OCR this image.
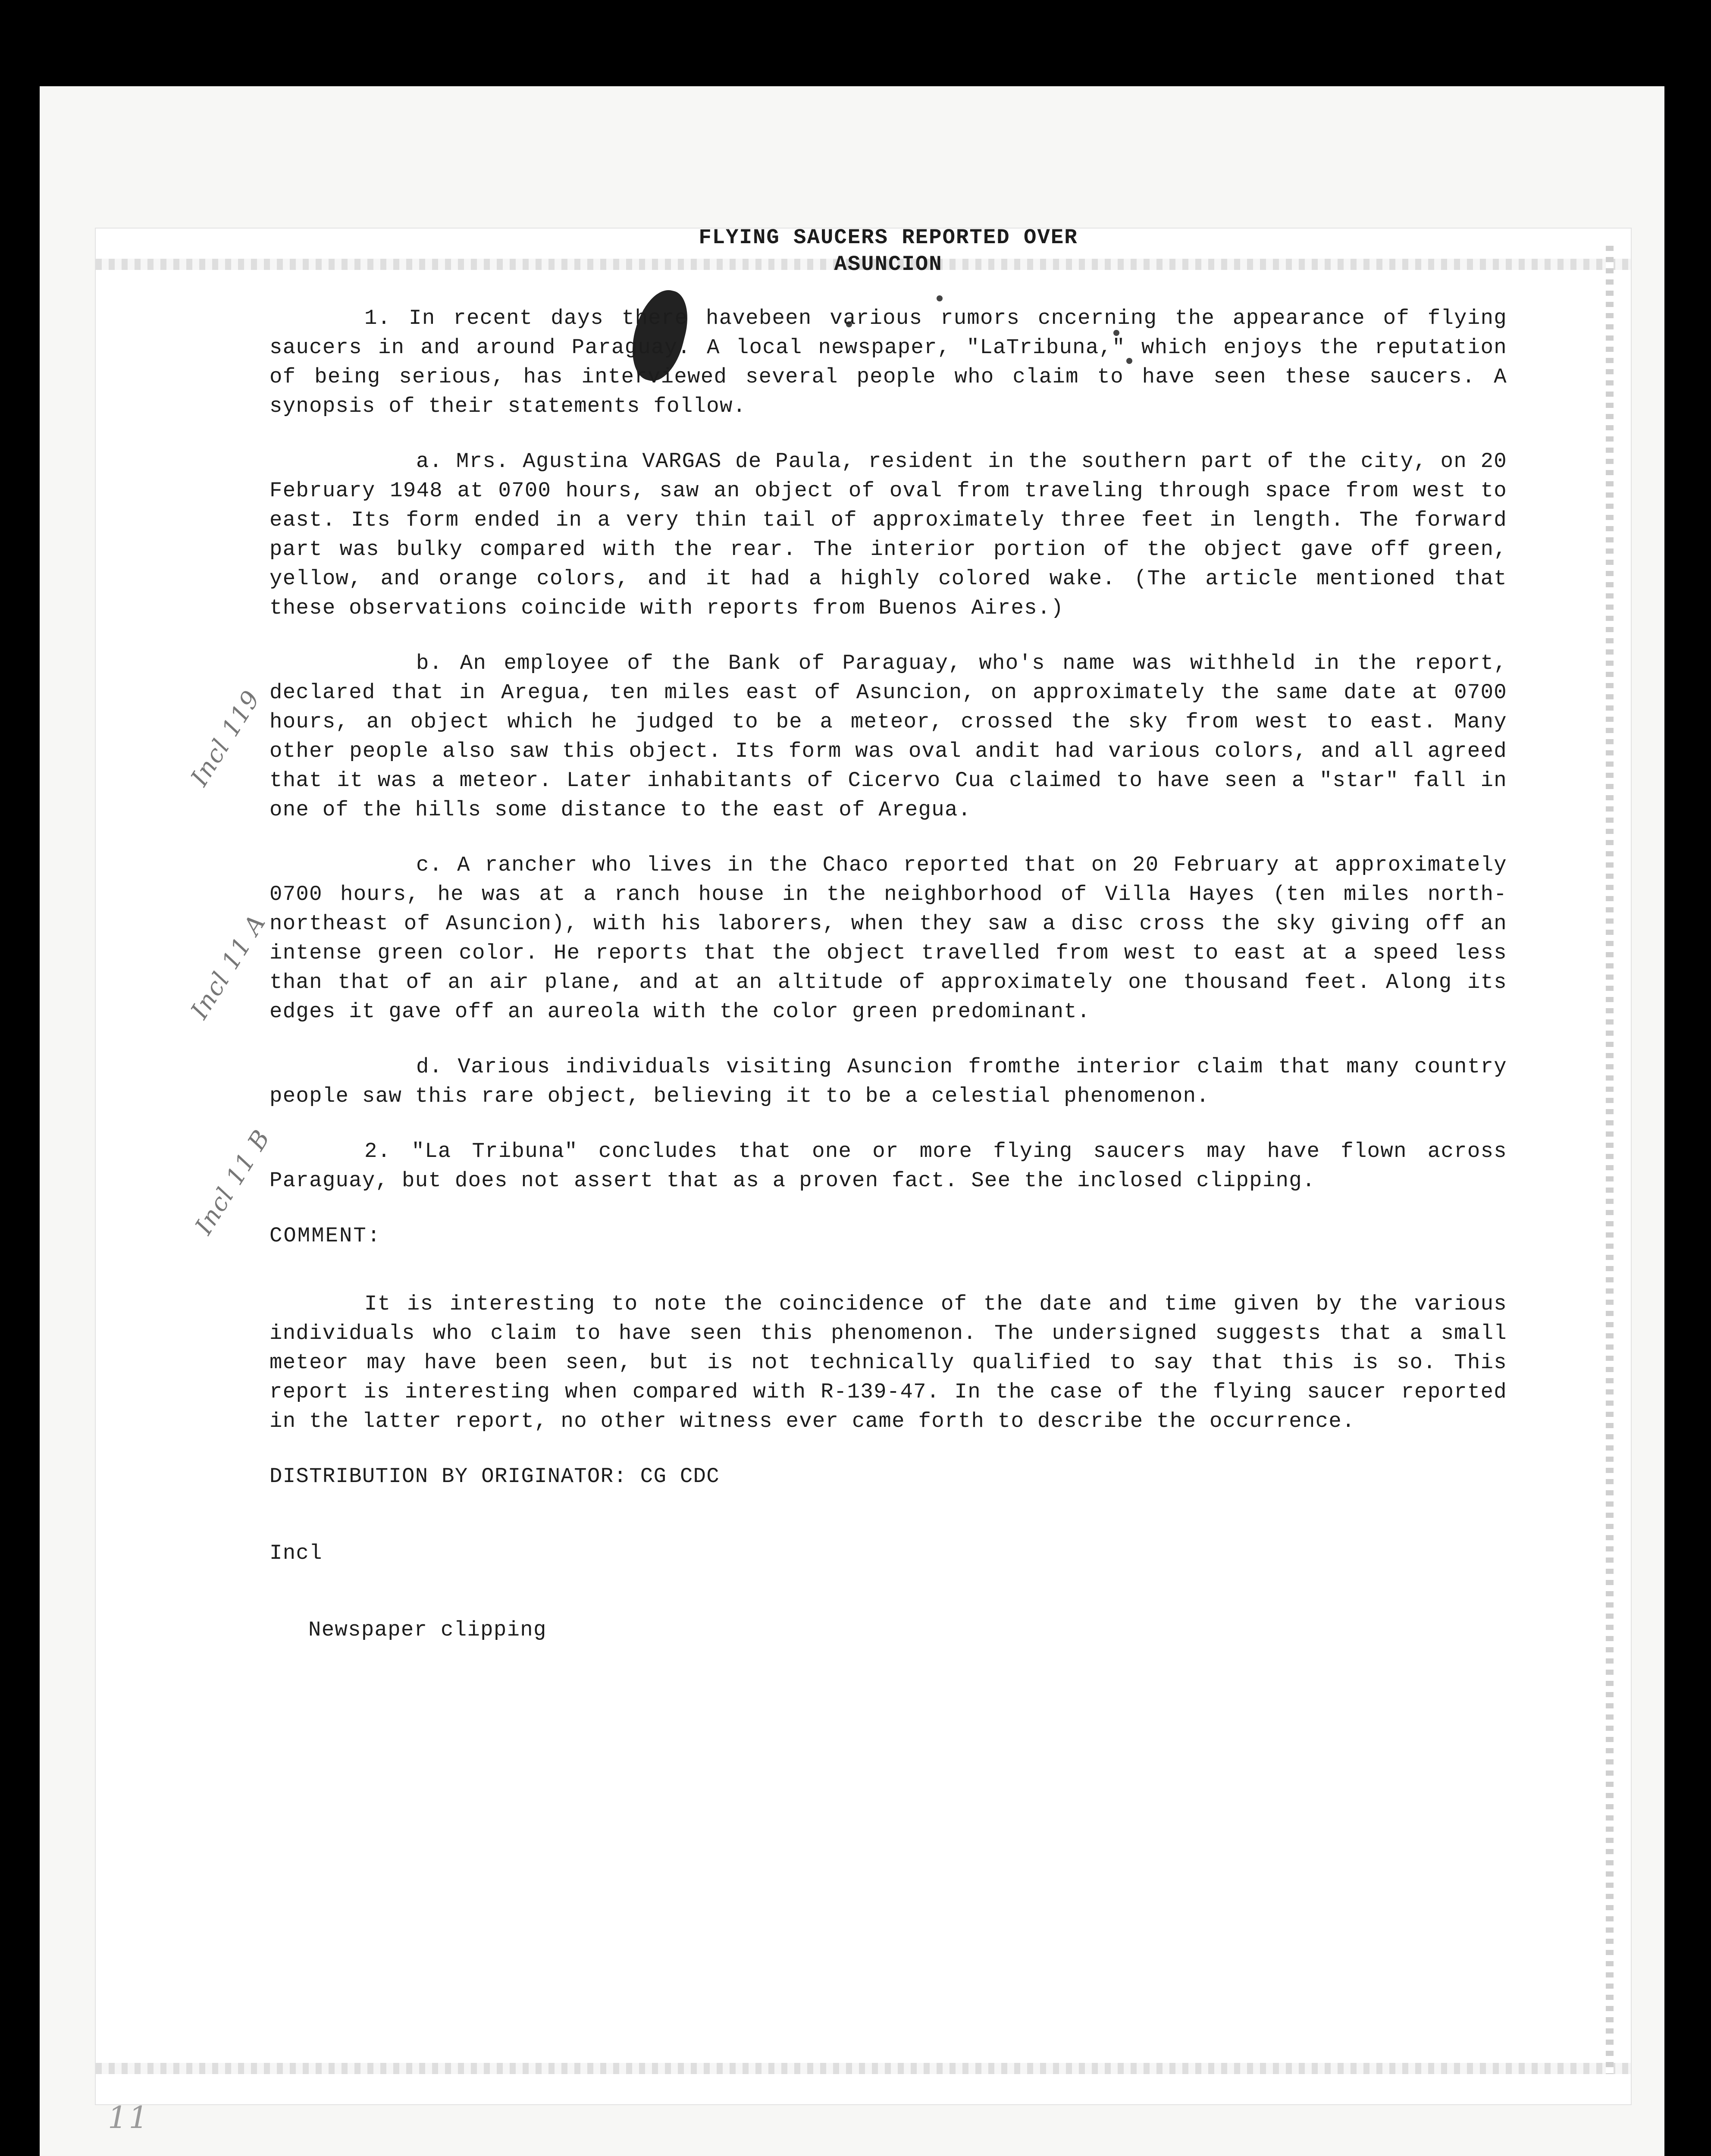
FLYING SAUCERS REPORTED OVER
ASUNCION

1. In recent days there havebeen various rumors cncerning the appearance of flying saucers in and around Paraguay. A local newspaper, "LaTribuna," which enjoys the reputation of being serious, has interviewed several people who claim to have seen these saucers. A synopsis of their statements follow.

a. Mrs. Agustina VARGAS de Paula, resident in the southern part of the city, on 20 February 1948 at 0700 hours, saw an object of oval from traveling through space from west to east. Its form ended in a very thin tail of approximately three feet in length. The forward part was bulky compared with the rear. The interior portion of the object gave off green, yellow, and orange colors, and it had a highly colored wake. (The article mentioned that these observations coincide with reports from Buenos Aires.)

b. An employee of the Bank of Paraguay, who's name was withheld in the report, declared that in Aregua, ten miles east of Asuncion, on approximately the same date at 0700 hours, an object which he judged to be a meteor, crossed the sky from west to east. Many other people also saw this object. Its form was oval andit had various colors, and all agreed that it was a meteor. Later inhabitants of Cicervo Cua claimed to have seen a "star" fall in one of the hills some distance to the east of Aregua.

c. A rancher who lives in the Chaco reported that on 20 February at approximately 0700 hours, he was at a ranch house in the neighborhood of Villa Hayes (ten miles north-northeast of Asuncion), with his laborers, when they saw a disc cross the sky giving off an intense green color. He reports that the object travelled from west to east at a speed less than that of an air plane, and at an altitude of approximately one thousand feet. Along its edges it gave off an aureola with the color green predominant.

d. Various individuals visiting Asuncion fromthe interior claim that many country people saw this rare object, believing it to be a celestial phenomenon.

2. "La Tribuna" concludes that one or more flying saucers may have flown across Paraguay, but does not assert that as a proven fact. See the inclosed clipping.

COMMENT:

It is interesting to note the coincidence of the date and time given by the various individuals who claim to have seen this phenomenon. The undersigned suggests that a small meteor may have been seen, but is not technically qualified to say that this is so. This report is interesting when compared with R-139-47. In the case of the flying saucer reported in the latter report, no other witness ever came forth to describe the occurrence.

DISTRIBUTION BY ORIGINATOR: CG CDC
Incl
Newspaper clipping
Incl 119
Incl 11 A
Incl 11 B
11
